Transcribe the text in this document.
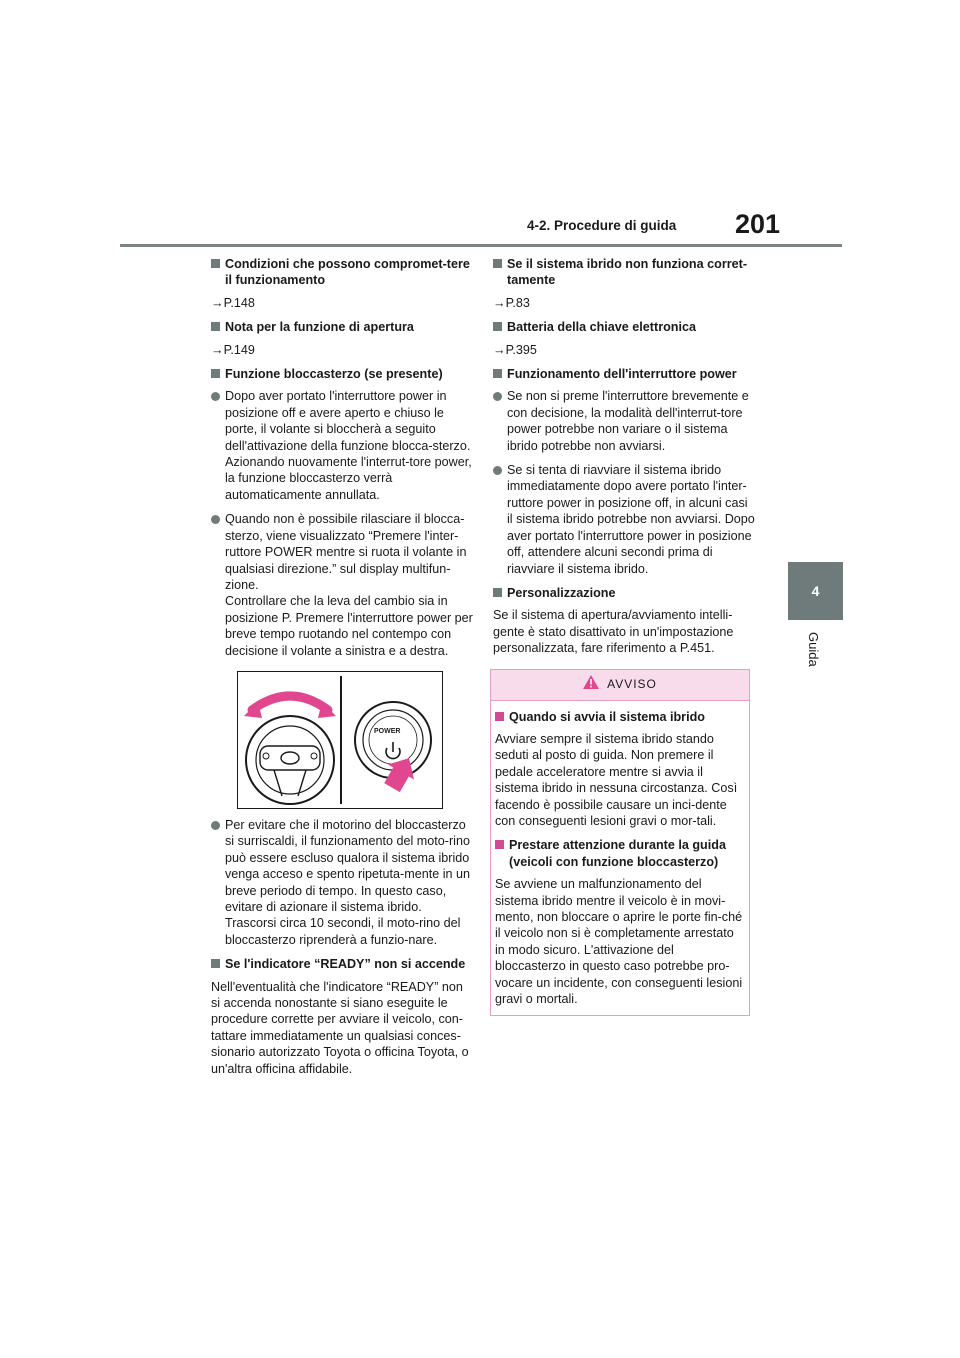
4-2. Procedure di guida 201
4
Guida
Condizioni che possono compromet-tere il funzionamento
→P.148
Nota per la funzione di apertura
→P.149
Funzione bloccasterzo (se presente)
Dopo aver portato l'interruttore power in posizione off e avere aperto e chiuso le porte, il volante si bloccherà a seguito dell'attivazione della funzione blocca-sterzo. Azionando nuovamente l'interrut-tore power, la funzione bloccasterzo verrà automaticamente annullata.
Quando non è possibile rilasciare il blocca-sterzo, viene visualizzato “Premere l'inter-ruttore POWER mentre si ruota il volante in qualsiasi direzione.” sul display multifun-zione.
Controllare che la leva del cambio sia in posizione P. Premere l'interruttore power per breve tempo ruotando nel contempo con decisione il volante a sinistra e a destra.
POWER
Per evitare che il motorino del bloccasterzo si surriscaldi, il funzionamento del moto-rino può essere escluso qualora il sistema ibrido venga acceso e spento ripetuta-mente in un breve periodo di tempo. In questo caso, evitare di azionare il sistema ibrido. Trascorsi circa 10 secondi, il moto-rino del bloccasterzo riprenderà a funzio-nare.
Se l'indicatore “READY” non si accende
Nell'eventualità che l'indicatore “READY” non si accenda nonostante si siano eseguite le procedure corrette per avviare il veicolo, con-tattare immediatamente un qualsiasi conces-sionario autorizzato Toyota o officina Toyota, o un'altra officina affidabile.
Se il sistema ibrido non funziona corret-tamente
→P.83
Batteria della chiave elettronica
→P.395
Funzionamento dell'interruttore power
Se non si preme l'interruttore brevemente e con decisione, la modalità dell'interrut-tore power potrebbe non variare o il sistema ibrido potrebbe non avviarsi.
Se si tenta di riavviare il sistema ibrido immediatamente dopo avere portato l'inter-ruttore power in posizione off, in alcuni casi il sistema ibrido potrebbe non avviarsi. Dopo aver portato l'interruttore power in posizione off, attendere alcuni secondi prima di riavviare il sistema ibrido.
Personalizzazione
Se il sistema di apertura/avviamento intelli-gente è stato disattivato in un'impostazione personalizzata, fare riferimento a P.451.
AVVISO
Quando si avvia il sistema ibrido
Avviare sempre il sistema ibrido stando seduti al posto di guida. Non premere il pedale acceleratore mentre si avvia il sistema ibrido in nessuna circostanza. Così facendo è possibile causare un inci-dente con conseguenti lesioni gravi o mor-tali.
Prestare attenzione durante la guida (veicoli con funzione bloccasterzo)
Se avviene un malfunzionamento del sistema ibrido mentre il veicolo è in movi-mento, non bloccare o aprire le porte fin-ché il veicolo non si è completamente arrestato in modo sicuro. L'attivazione del bloccasterzo in questo caso potrebbe pro-vocare un incidente, con conseguenti lesioni gravi o mortali.
